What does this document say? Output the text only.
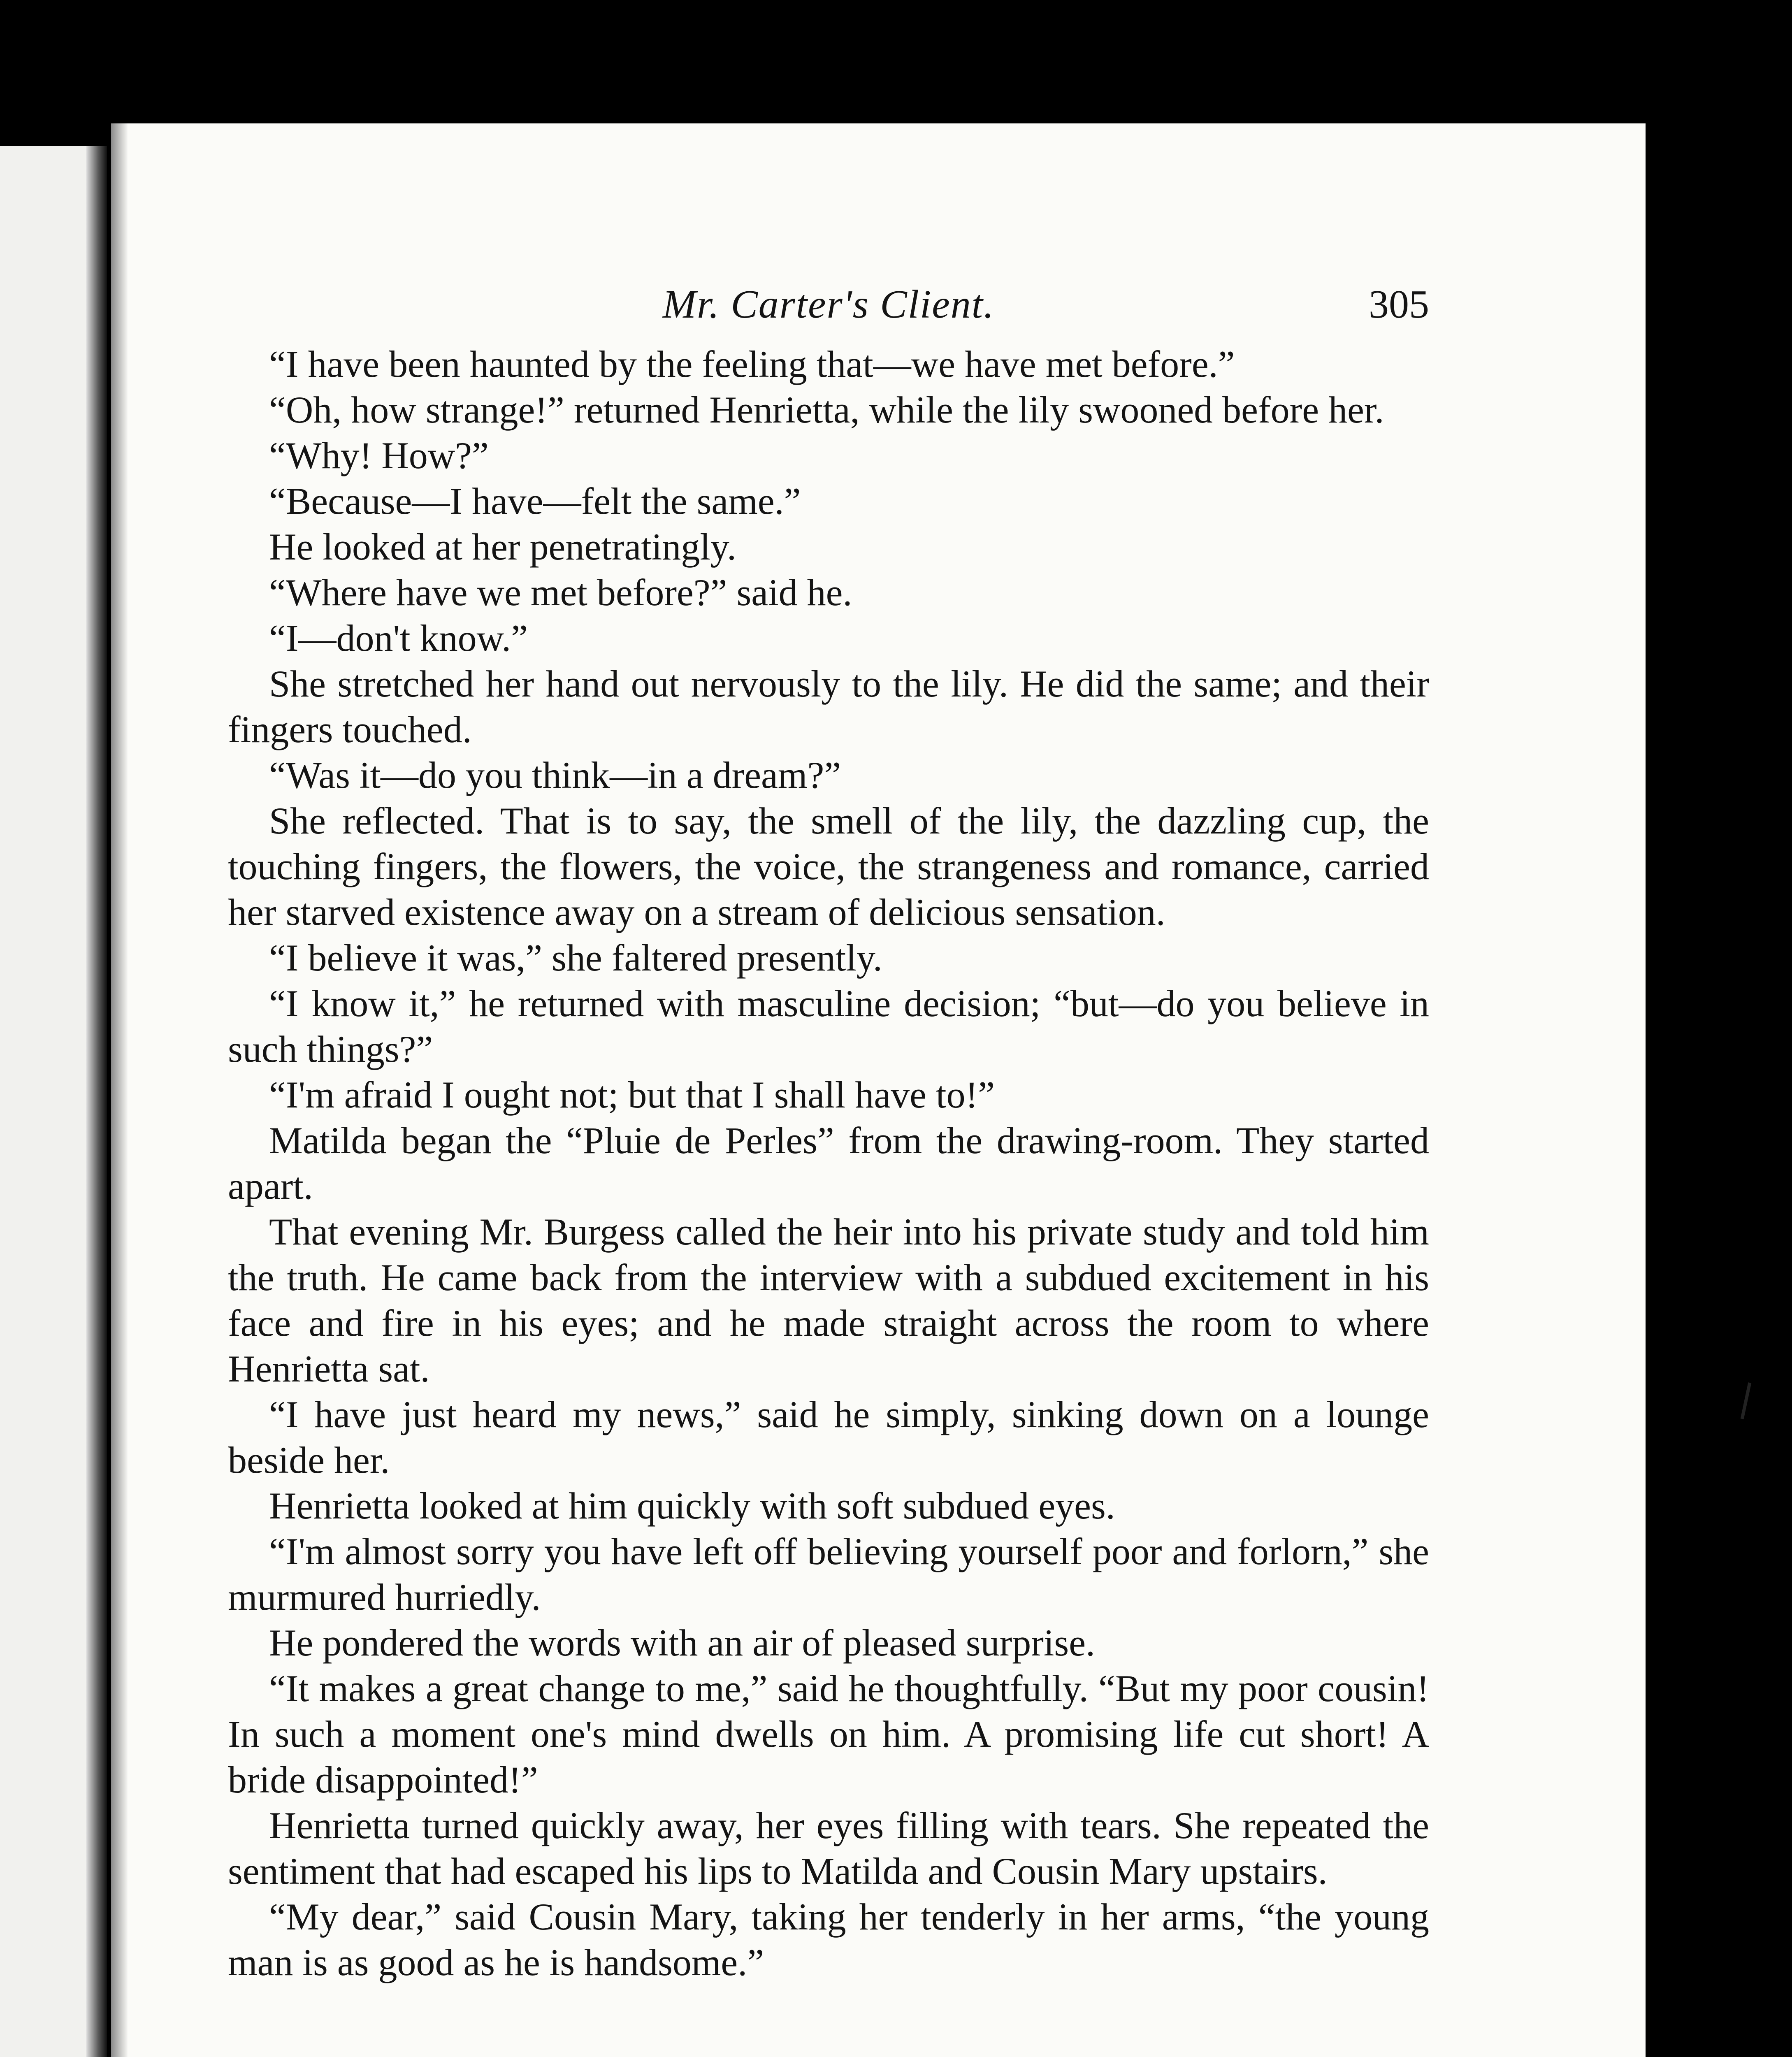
Mr. Carter's Client.	305

“I have been haunted by the feeling that—we have met before.”

“Oh, how strange!” returned Henrietta, while the lily swooned before her.

“Why! How?”

“Because—I have—felt the same.”

He looked at her penetratingly.

“Where have we met before?” said he.

“I—don't know.”

She stretched her hand out nervously to the lily. He did the same; and their fingers touched.

“Was it—do you think—in a dream?”

She reflected. That is to say, the smell of the lily, the dazzling cup, the touching fingers, the flowers, the voice, the strangeness and romance, carried her starved existence away on a stream of delicious sensation.

“I believe it was,” she faltered presently.

“I know it,” he returned with masculine decision; “but—do you believe in such things?”

“I'm afraid I ought not; but that I shall have to!”

Matilda began the “Pluie de Perles” from the drawing-room. They started apart.

That evening Mr. Burgess called the heir into his private study and told him the truth. He came back from the interview with a subdued excitement in his face and fire in his eyes; and he made straight across the room to where Henrietta sat.

“I have just heard my news,” said he simply, sinking down on a lounge beside her.

Henrietta looked at him quickly with soft subdued eyes.

“I'm almost sorry you have left off believing yourself poor and forlorn,” she murmured hurriedly.

He pondered the words with an air of pleased surprise.

“It makes a great change to me,” said he thoughtfully. “But my poor cousin! In such a moment one's mind dwells on him. A promising life cut short! A bride disappointed!”

Henrietta turned quickly away, her eyes filling with tears. She repeated the sentiment that had escaped his lips to Matilda and Cousin Mary upstairs.

“My dear,” said Cousin Mary, taking her tenderly in her arms, “the young man is as good as he is handsome.”
